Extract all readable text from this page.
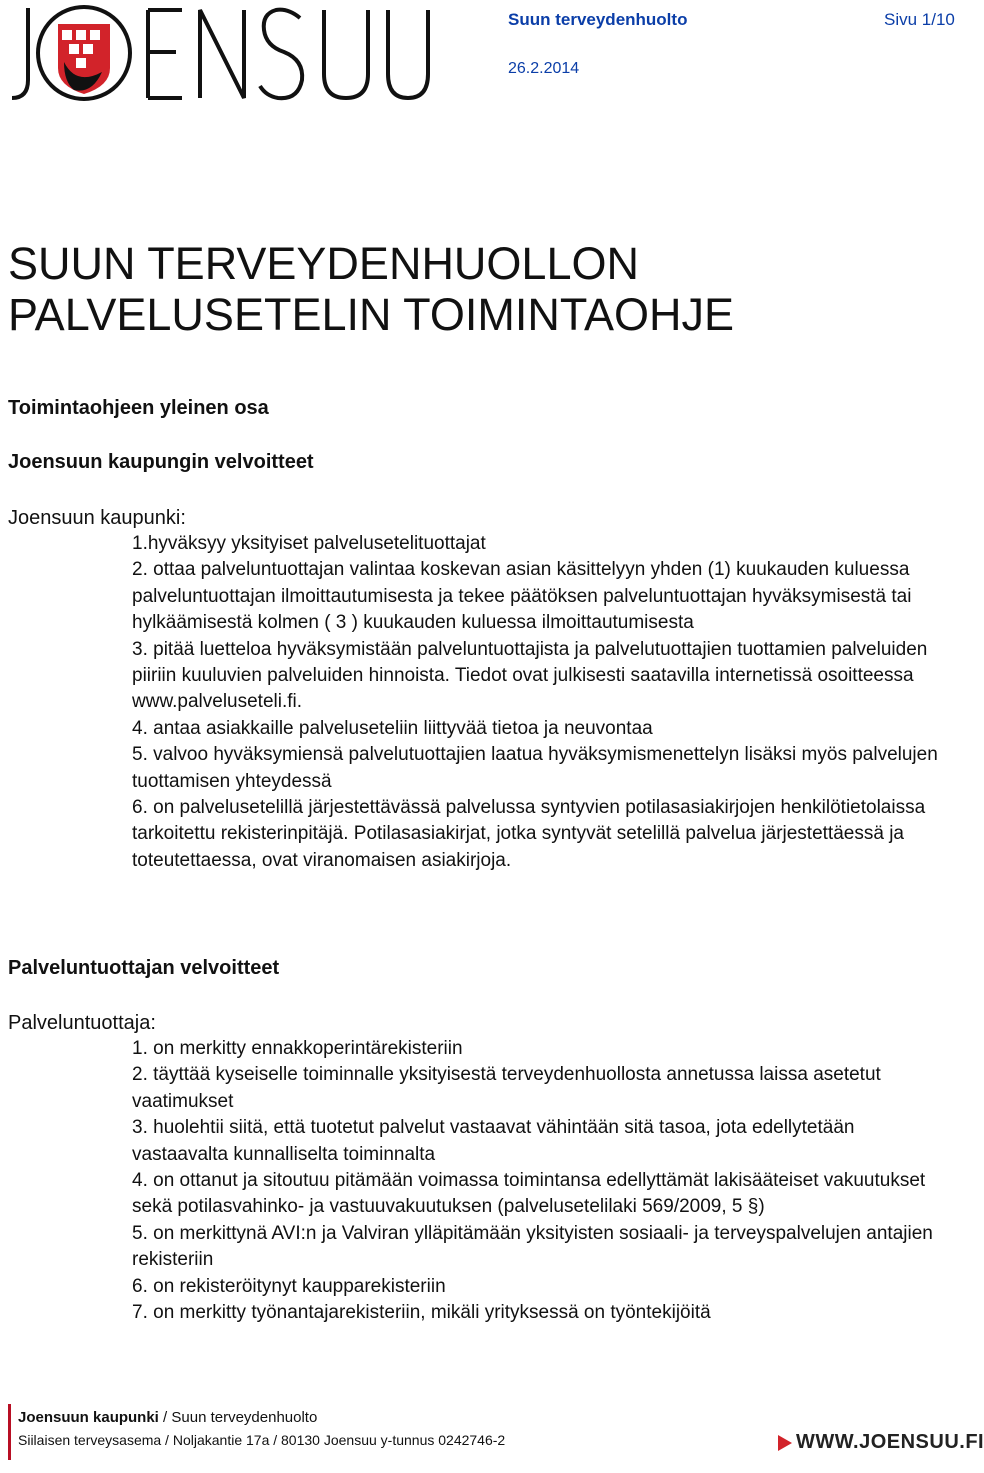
Suun terveydenhuolto	Sivu 1/10
26.2.2014
SUUN TERVEYDENHUOLLON
PALVELUSETELIN TOIMINTAOHJE
Toimintaohjeen yleinen osa
Joensuun kaupungin velvoitteet
Joensuun kaupunki:
1.hyväksyy yksityiset palvelusetelituottajat
2. ottaa palveluntuottajan valintaa koskevan asian käsittelyyn yhden (1) kuukauden kuluessa palveluntuottajan ilmoittautumisesta ja tekee päätöksen palveluntuottajan hyväksymisestä tai hylkäämisestä kolmen ( 3 ) kuukauden kuluessa ilmoittautumisesta
3. pitää luetteloa hyväksymistään palveluntuottajista ja palvelutuottajien tuottamien palveluiden piiriin kuuluvien palveluiden hinnoista. Tiedot ovat julkisesti saatavilla internetissä osoitteessa www.palveluseteli.fi.
4. antaa asiakkaille palveluseteliin liittyvää tietoa ja neuvontaa
5. valvoo hyväksymiensä palvelutuottajien laatua hyväksymismenettelyn lisäksi myös palvelujen tuottamisen yhteydessä
6. on palvelusetelillä järjestettävässä palvelussa syntyvien potilasasiakirjojen henkilötietolaissa tarkoitettu rekisterinpitäjä. Potilasasiakirjat, jotka syntyvät setelillä palvelua järjestettäessä ja toteutettaessa, ovat viranomaisen asiakirjoja.
Palveluntuottajan velvoitteet
Palveluntuottaja:
1. on merkitty ennakkoperintärekisteriin
2. täyttää kyseiselle toiminnalle yksityisestä terveydenhuollosta annetussa laissa asetetut vaatimukset
3. huolehtii siitä, että tuotetut palvelut vastaavat vähintään sitä tasoa, jota edellytetään vastaavalta kunnalliselta toiminnalta
4. on ottanut ja sitoutuu pitämään voimassa toimintansa edellyttämät lakisääteiset vakuutukset sekä potilasvahinko- ja vastuuvakuutuksen (palvelusetelilaki 569/2009, 5 §)
5. on merkittynä AVI:n ja Valviran ylläpitämään yksityisten sosiaali- ja terveyspalvelujen antajien rekisteriin
6. on rekisteröitynyt kaupparekisteriin
7. on merkitty työnantajarekisteriin, mikäli yrityksessä on työntekijöitä
Joensuun kaupunki / Suun terveydenhuolto
Siilaisen terveysasema / Noljakantie 17a / 80130 Joensuu y-tunnus 0242746-2	WWW.JOENSUU.FI
